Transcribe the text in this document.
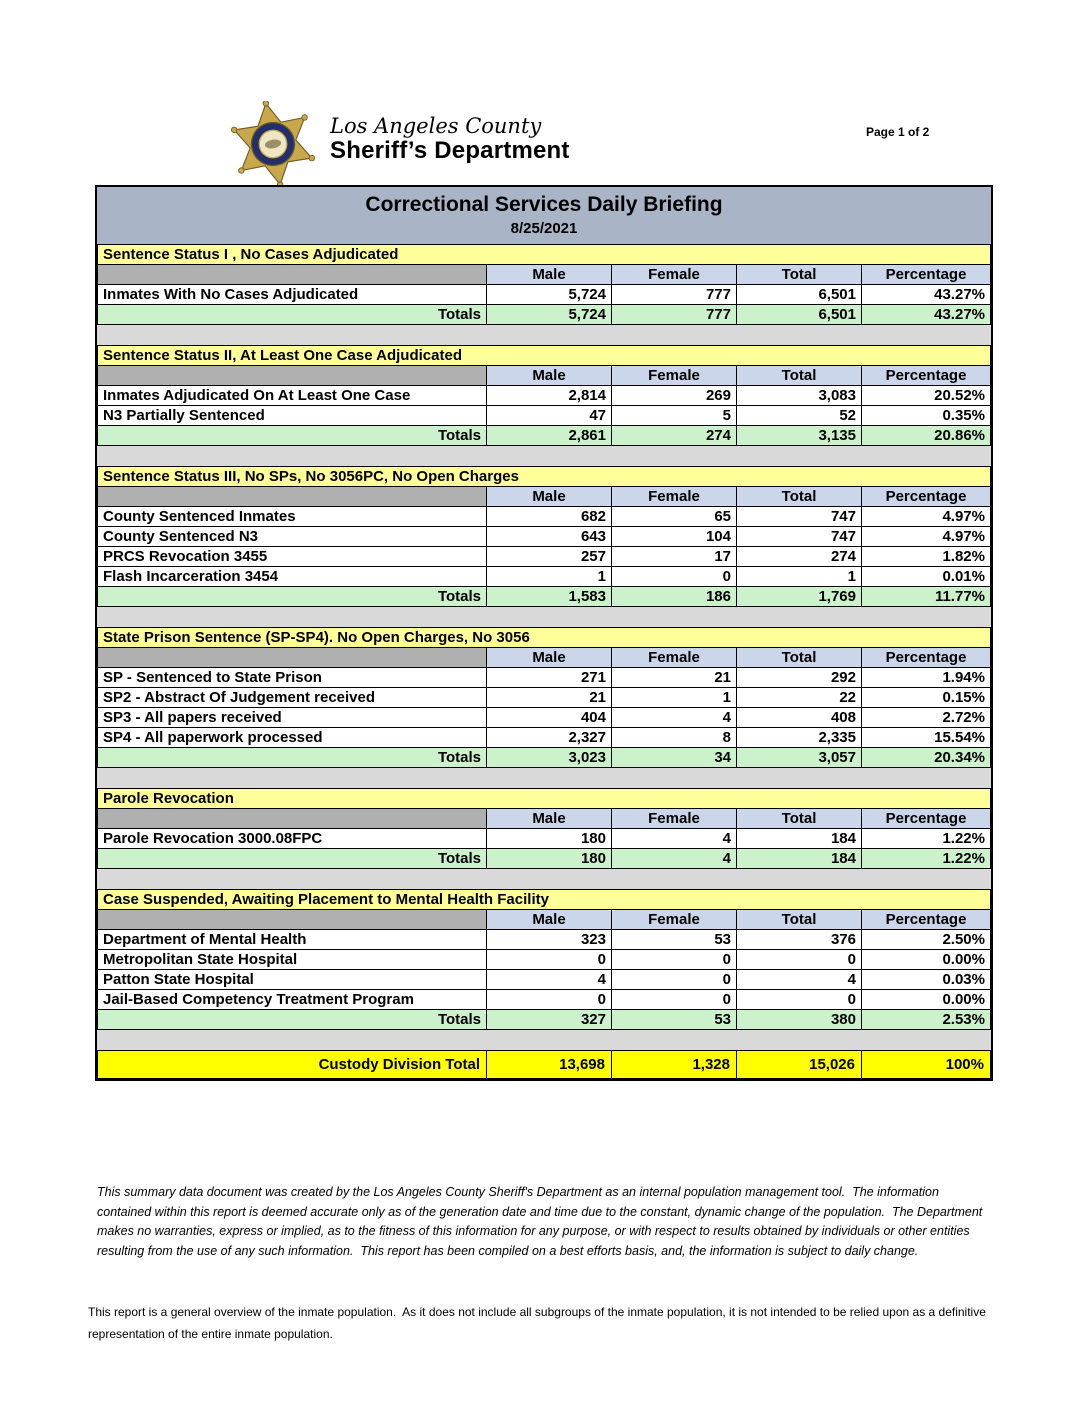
Los Angeles County
Sheriff’s Department
Page 1 of 2
Correctional Services Daily Briefing
8/25/2021
Sentence Status I , No Cases Adjudicated				
	Male	Female	Total	Percentage
Inmates With No Cases Adjudicated	5,724	777	6,501	43.27%
Totals	5,724	777	6,501	43.27%
Sentence Status II, At Least One Case Adjudicated				
	Male	Female	Total	Percentage
Inmates Adjudicated On At Least One Case	2,814	269	3,083	20.52%
N3 Partially Sentenced	47	5	52	0.35%
Totals	2,861	274	3,135	20.86%
Sentence Status III, No SPs, No 3056PC, No Open Charges				
	Male	Female	Total	Percentage
County Sentenced Inmates	682	65	747	4.97%
County Sentenced N3	643	104	747	4.97%
PRCS Revocation 3455	257	17	274	1.82%
Flash Incarceration 3454	1	0	1	0.01%
Totals	1,583	186	1,769	11.77%
State Prison Sentence (SP-SP4). No Open Charges, No 3056				
	Male	Female	Total	Percentage
SP - Sentenced to State Prison	271	21	292	1.94%
SP2 - Abstract Of Judgement received	21	1	22	0.15%
SP3 - All papers received	404	4	408	2.72%
SP4 - All paperwork processed	2,327	8	2,335	15.54%
Totals	3,023	34	3,057	20.34%
Parole Revocation				
	Male	Female	Total	Percentage
Parole Revocation 3000.08FPC	180	4	184	1.22%
Totals	180	4	184	1.22%
Case Suspended, Awaiting Placement to Mental Health Facility				
	Male	Female	Total	Percentage
Department of Mental Health	323	53	376	2.50%
Metropolitan State Hospital	0	0	0	0.00%
Patton State Hospital	4	0	4	0.03%
Jail-Based Competency Treatment Program	0	0	0	0.00%
Totals	327	53	380	2.53%
Custody Division Total	13,698	1,328	15,026	100%

This summary data document was created by the Los Angeles County Sheriff's Department as an internal population management tool.  The information contained within this report is deemed accurate only as of the generation date and time due to the constant, dynamic change of the population.  The Department makes no warranties, express or implied, as to the fitness of this information for any purpose, or with respect to results obtained by individuals or other entities resulting from the use of any such information.  This report has been compiled on a best efforts basis, and, the information is subject to daily change.

This report is a general overview of the inmate population.  As it does not include all subgroups of the inmate population, it is not intended to be relied upon as a definitive representation of the entire inmate population.
